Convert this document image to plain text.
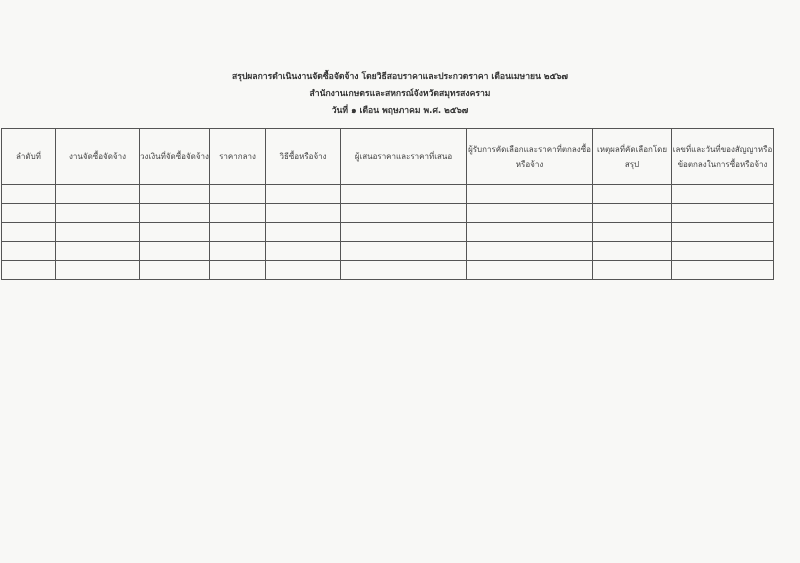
สรุปผลการดำเนินงานจัดซื้อจัดจ้าง โดยวิธีสอบราคาและประกวดราคา เดือนเมษายน ๒๕๖๗
สำนักงานเกษตรและสหกรณ์จังหวัดสมุทรสงคราม
วันที่ ๑ เดือน พฤษภาคม พ.ศ. ๒๕๖๗
ลำดับที่	งานจัดซื้อจัดจ้าง	วงเงินที่จัดซื้อจัดจ้าง	ราคากลาง	วิธีซื้อหรือจ้าง	ผู้เสนอราคาและราคาที่เสนอ	ผู้รับการคัดเลือกและราคาที่ตกลงซื้อหรือจ้าง	เหตุผลที่คัดเลือกโดยสรุป	เลขที่และวันที่ของสัญญาหรือข้อตกลงในการซื้อหรือจ้าง
